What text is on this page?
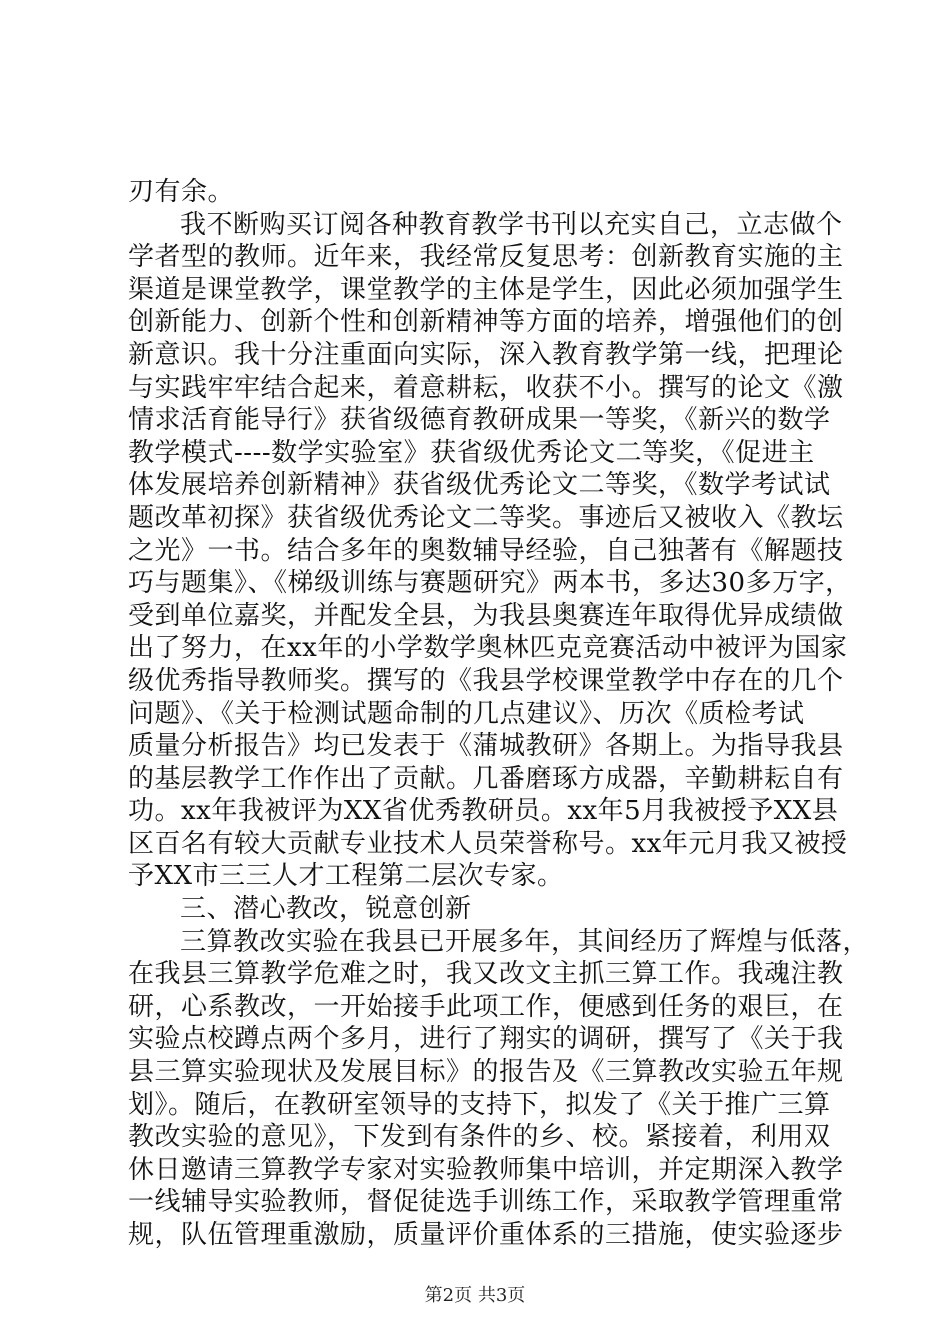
刃有余。
我不断购买订阅各种教育教学书刊以充实自己，立志做个
学者型的教师。近年来，我经常反复思考：创新教育实施的主
渠道是课堂教学，课堂教学的主体是学生，因此必须加强学生
创新能力、创新个性和创新精神等方面的培养，增强他们的创
新意识。我十分注重面向实际，深入教育教学第一线，把理论
与实践牢牢结合起来，着意耕耘，收获不小。撰写的论文《激
情求活育能导行》获省级德育教研成果一等奖，《新兴的数学
教学模式----数学实验室》获省级优秀论文二等奖，《促进主
体发展培养创新精神》获省级优秀论文二等奖，《数学考试试
题改革初探》获省级优秀论文二等奖。事迹后又被收入《教坛
之光》一书。结合多年的奥数辅导经验，自己独著有《解题技
巧与题集》、《梯级训练与赛题研究》两本书，多达30多万字，
受到单位嘉奖，并配发全县，为我县奥赛连年取得优异成绩做
出了努力，在xx年的小学数学奥林匹克竞赛活动中被评为国家
级优秀指导教师奖。撰写的《我县学校课堂教学中存在的几个
问题》、《关于检测试题命制的几点建议》、历次《质检考试
质量分析报告》均已发表于《蒲城教研》各期上。为指导我县
的基层教学工作作出了贡献。几番磨琢方成器，辛勤耕耘自有
功。xx年我被评为XX省优秀教研员。xx年5月我被授予XX县
区百名有较大贡献专业技术人员荣誉称号。xx年元月我又被授
予XX市三三人才工程第二层次专家。
三、潜心教改，锐意创新
三算教改实验在我县已开展多年，其间经历了辉煌与低落，
在我县三算教学危难之时，我又改文主抓三算工作。我魂注教
研，心系教改，一开始接手此项工作，便感到任务的艰巨，在
实验点校蹲点两个多月，进行了翔实的调研，撰写了《关于我
县三算实验现状及发展目标》的报告及《三算教改实验五年规
划》。随后，在教研室领导的支持下，拟发了《关于推广三算
教改实验的意见》，下发到有条件的乡、校。紧接着，利用双
休日邀请三算教学专家对实验教师集中培训，并定期深入教学
一线辅导实验教师，督促徒选手训练工作，采取教学管理重常
规，队伍管理重激励，质量评价重体系的三措施，使实验逐步
第2页 共3页
